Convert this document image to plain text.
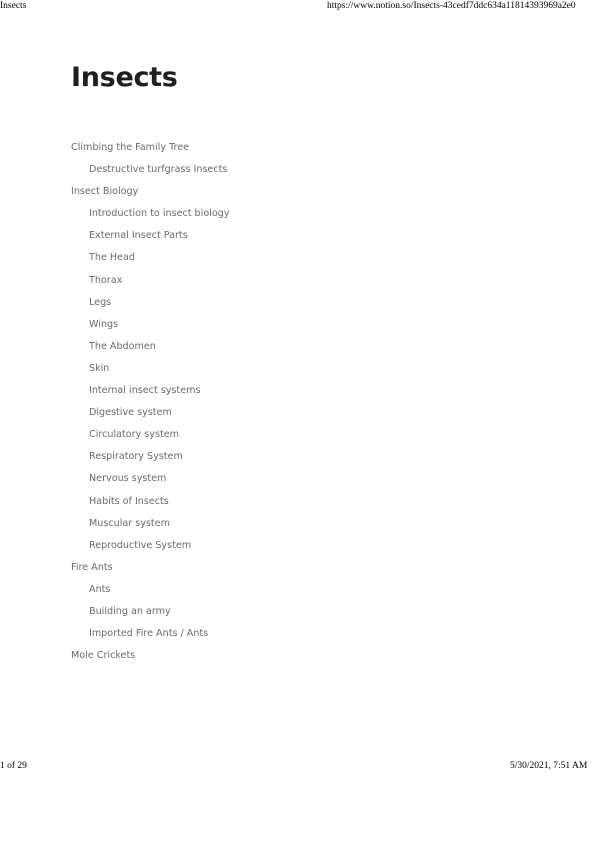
Insects	https://www.notion.so/Insects-43cedf7ddc634a11814393969a2e0
Insects
Climbing the Family Tree
Destructive turfgrass Insects
Insect Biology
Introduction to insect biology
External Insect Parts
The Head
Thorax
Legs
Wings
The Abdomen
Skin
Internal insect systems
Digestive system
Circulatory system
Respiratory System
Nervous system
Habits of Insects
Muscular system
Reproductive System
Fire Ants
Ants
Building an army
Imported Fire Ants / Ants
Mole Crickets
1 of 29	5/30/2021, 7:51 AM
